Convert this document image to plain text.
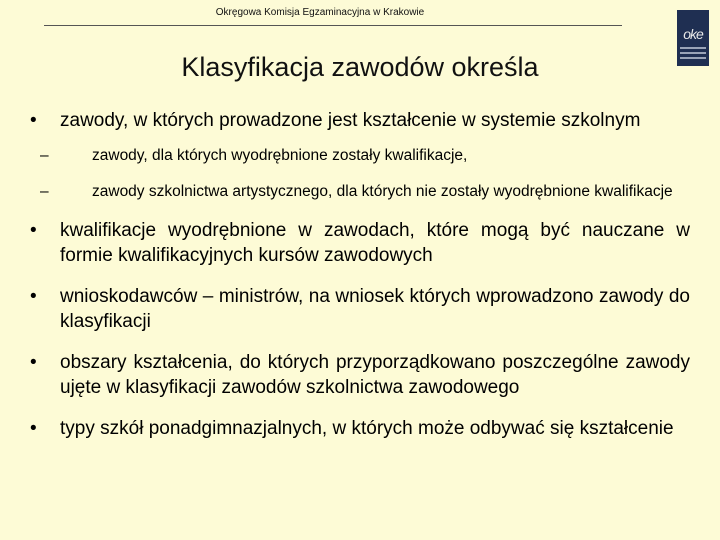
Okręgowa Komisja Egzaminacyjna w Krakowie
oke
Klasyfikacja zawodów określa
• zawody, w których prowadzone jest kształcenie w systemie szkolnym
–	zawody, dla których wyodrębnione zostały kwalifikacje,
–	zawody szkolnictwa artystycznego, dla których nie zostały wyodrębnione kwalifikacje
• kwalifikacje wyodrębnione w zawodach, które mogą być nauczane w formie kwalifikacyjnych kursów zawodowych
• wnioskodawców – ministrów, na wniosek których wprowadzono zawody do klasyfikacji
• obszary kształcenia, do których przyporządkowano poszczególne zawody ujęte w klasyfikacji zawodów szkolnictwa zawodowego
• typy szkół ponadgimnazjalnych, w których może odbywać się kształcenie
